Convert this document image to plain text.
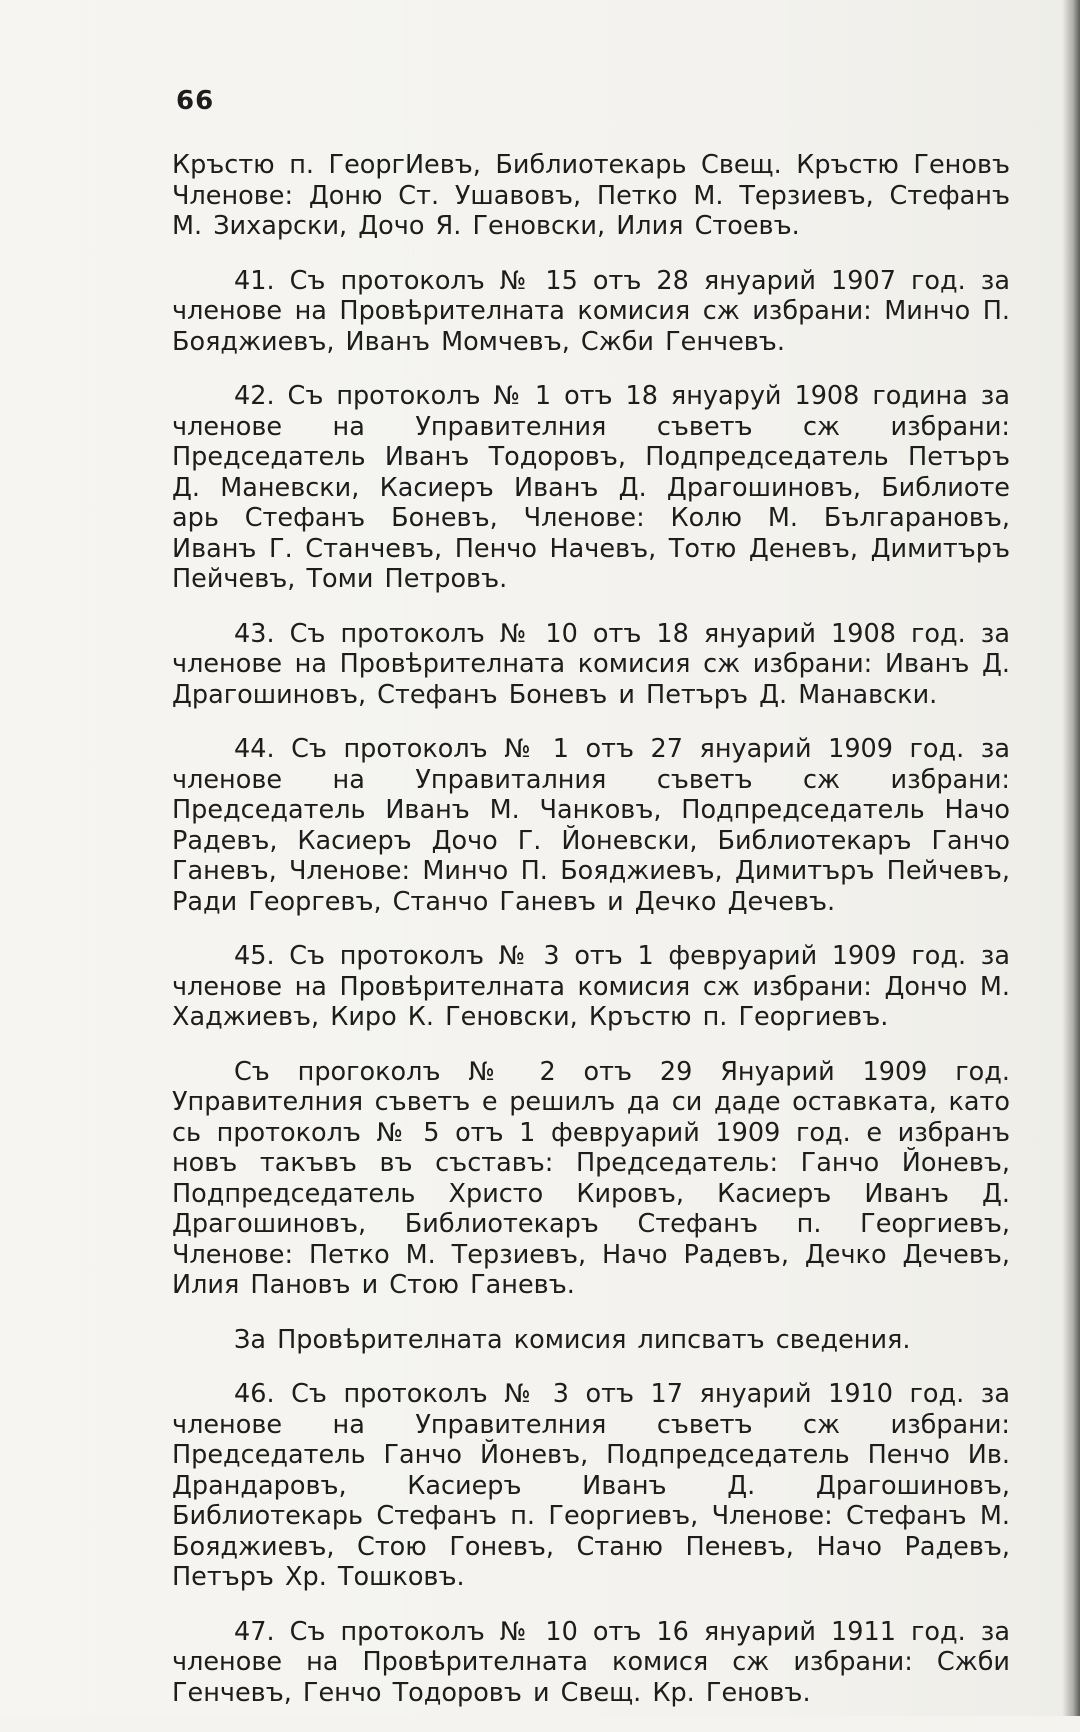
66

Кръстю п. ГеоргИевъ, Библиотекарь Свещ. Кръстю Геновъ Членове: Доню Ст. Ушавовъ, Петко М. Терзиевъ, Стефанъ М. Зихарски, Дочо Я. Геновски, Илия Стоевъ.

41. Съ протоколъ № 15 отъ 28 януарий 1907 год. за членове на Провѣрителната комисия сж избрани: Минчо П. Бояджиевъ, Иванъ Момчевъ, Сжби Генчевъ.

42. Съ протоколъ № 1 отъ 18 януаруй 1908 година за членове на Управителния съветъ сж избрани: Председатель Иванъ Тодоровъ, Подпредседатель Петъръ Д. Маневски, Касиеръ Иванъ Д. Драгошиновъ, Библиоте арь Стефанъ Боневъ, Членове: Колю М. Българановъ, Иванъ Г. Станчевъ, Пенчо Начевъ, Тотю Деневъ, Димитъръ Пейчевъ, Томи Петровъ.

43. Съ протоколъ № 10 отъ 18 януарий 1908 год. за членове на Провѣрителната комисия сж избрани: Иванъ Д. Драгошиновъ, Стефанъ Боневъ и Петъръ Д. Манавски.

44. Съ протоколъ № 1 отъ 27 януарий 1909 год. за членове на Управиталния съветъ сж избрани: Председатель Иванъ М. Чанковъ, Подпредседатель Начо Радевъ, Касиеръ Дочо Г. Йоневски, Библиотекаръ Ганчо Ганевъ, Членове: Минчо П. Бояджиевъ, Димитъръ Пейчевъ, Ради Георгевъ, Станчо Ганевъ и Дечко Дечевъ.

45. Съ протоколъ № 3 отъ 1 февруарий 1909 год. за членове на Провѣрителната комисия сж избрани: Дончо М. Хаджиевъ, Киро К. Геновски, Кръстю п. Георгиевъ.

Съ прогоколъ № 2 отъ 29 Януарий 1909 год. Управителния съветъ е решилъ да си даде оставката, като сь протоколъ № 5 отъ 1 февруарий 1909 год. е избранъ новъ такъвъ въ съставъ: Председатель: Ганчо Йоневъ, Подпредседатель Христо Кировъ, Касиеръ Иванъ Д. Драгошиновъ, Библиотекаръ Стефанъ п. Георгиевъ, Членове: Петко М. Терзиевъ, Начо Радевъ, Дечко Дечевъ, Илия Пановъ и Стою Ганевъ.

За Провѣрителната комисия липсватъ сведения.

46. Съ протоколъ № 3 отъ 17 януарий 1910 год. за членове на Управителния съветъ сж избрани: Председатель Ганчо Йоневъ, Подпредседатель Пенчо Ив. Драндаровъ, Касиеръ Иванъ Д. Драгошиновъ, Библиотекарь Стефанъ п. Георгиевъ, Членове: Стефанъ М. Бояджиевъ, Стою Гоневъ, Станю Пеневъ, Начо Радевъ, Петъръ Хр. Тошковъ.

47. Съ протоколъ № 10 отъ 16 януарий 1911 год. за членове на Провѣрителната комися сж избрани: Сжби Генчевъ, Генчо Тодоровъ и Свещ. Кр. Геновъ.
